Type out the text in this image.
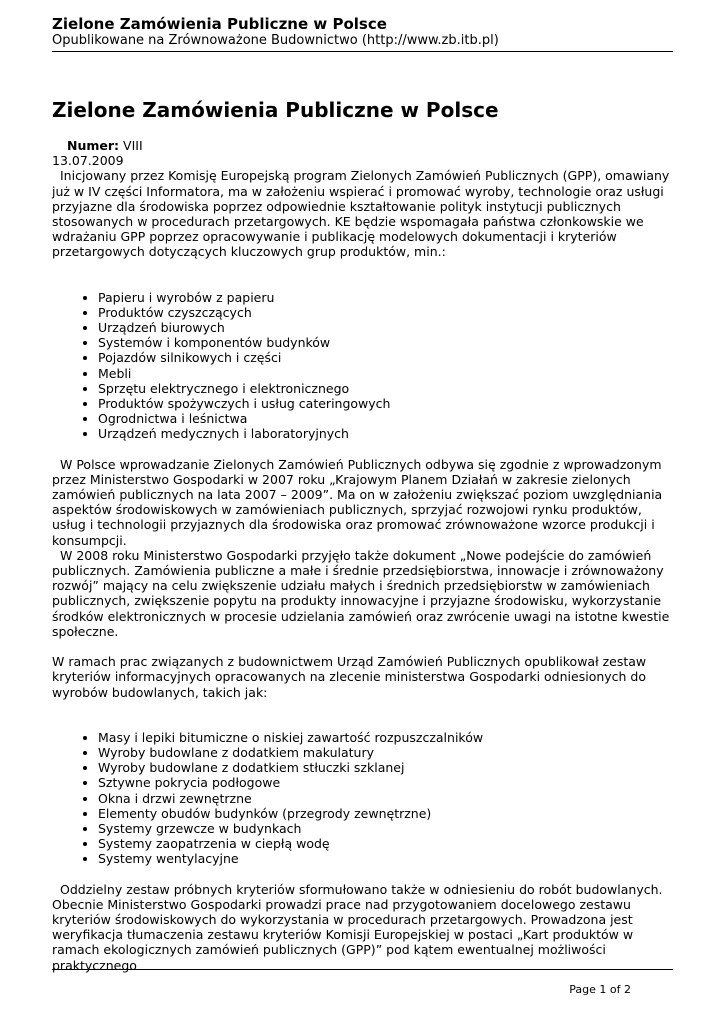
Zielone Zamówienia Publiczne w Polsce
Opublikowane na Zrównoważone Budownictwo (http://www.zb.itb.pl)
Zielone Zamówienia Publiczne w Polsce
Numer: VIII
13.07.2009

Inicjowany przez Komisję Europejską program Zielonych Zamówień Publicznych (GPP), omawiany już w IV części Informatora, ma w założeniu wspierać i promować wyroby, technologie oraz usługi przyjazne dla środowiska poprzez odpowiednie kształtowanie polityk instytucji publicznych stosowanych w procedurach przetargowych. KE będzie wspomagała państwa członkowskie we wdrażaniu GPP poprzez opracowywanie i publikację modelowych dokumentacji i kryteriów przetargowych dotyczących kluczowych grup produktów, min.:

• Papieru i wyrobów z papieru
• Produktów czyszczących
• Urządzeń biurowych
• Systemów i komponentów budynków
• Pojazdów silnikowych i części
• Mebli
• Sprzętu elektrycznego i elektronicznego
• Produktów spożywczych i usług cateringowych
• Ogrodnictwa i leśnictwa
• Urządzeń medycznych i laboratoryjnych

W Polsce wprowadzanie Zielonych Zamówień Publicznych odbywa się zgodnie z wprowadzonym przez Ministerstwo Gospodarki w 2007 roku „Krajowym Planem Działań w zakresie zielonych zamówień publicznych na lata 2007 – 2009”. Ma on w założeniu zwiększać poziom uwzględniania aspektów środowiskowych w zamówieniach publicznych, sprzyjać rozwojowi rynku produktów, usług i technologii przyjaznych dla środowiska oraz promować zrównoważone wzorce produkcji i konsumpcji.

W 2008 roku Ministerstwo Gospodarki przyjęło także dokument „Nowe podejście do zamówień publicznych. Zamówienia publiczne a małe i średnie przedsiębiorstwa, innowacje i zrównoważony rozwój” mający na celu zwiększenie udziału małych i średnich przedsiębiorstw w zamówieniach publicznych, zwiększenie popytu na produkty innowacyjne i przyjazne środowisku, wykorzystanie środków elektronicznych w procesie udzielania zamówień oraz zwrócenie uwagi na istotne kwestie społeczne.

W ramach prac związanych z budownictwem Urząd Zamówień Publicznych opublikował zestaw kryteriów informacyjnych opracowanych na zlecenie ministerstwa Gospodarki odniesionych do wyrobów budowlanych, takich jak:

• Masy i lepiki bitumiczne o niskiej zawartość rozpuszczalników
• Wyroby budowlane z dodatkiem makulatury
• Wyroby budowlane z dodatkiem stłuczki szklanej
• Sztywne pokrycia podłogowe
• Okna i drzwi zewnętrzne
• Elementy obudów budynków (przegrody zewnętrzne)
• Systemy grzewcze w budynkach
• Systemy zaopatrzenia w ciepłą wodę
• Systemy wentylacyjne

Oddzielny zestaw próbnych kryteriów sformułowano także w odniesieniu do robót budowlanych. Obecnie Ministerstwo Gospodarki prowadzi prace nad przygotowaniem docelowego zestawu kryteriów środowiskowych do wykorzystania w procedurach przetargowych. Prowadzona jest weryfikacja tłumaczenia zestawu kryteriów Komisji Europejskiej w postaci „Kart produktów w ramach ekologicznych zamówień publicznych (GPP)” pod kątem ewentualnej możliwości praktycznego

Page 1 of 2
